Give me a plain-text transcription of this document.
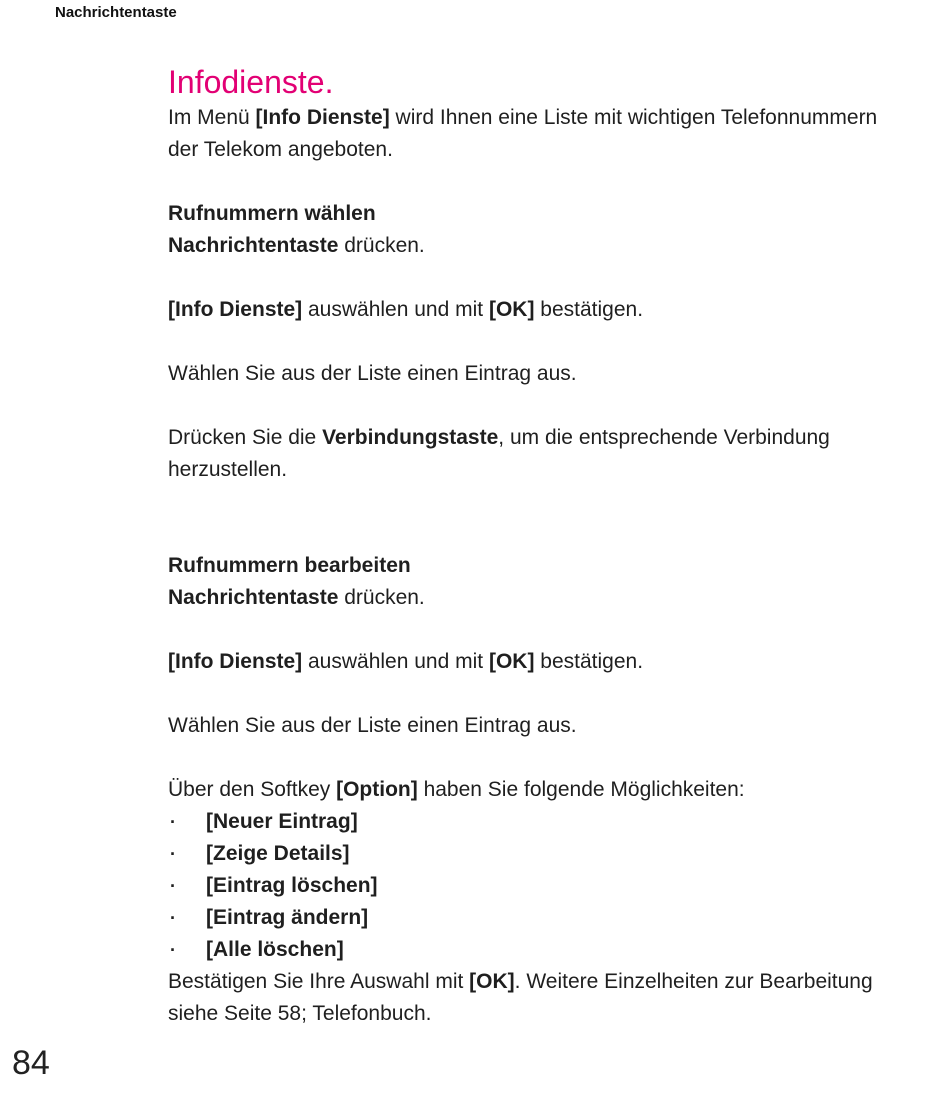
Nachrichtentaste
Infodienste.

Im Menü [Info Dienste] wird Ihnen eine Liste mit wichtigen Telefonnummern der Telekom angeboten.

Rufnummern wählen

Nachrichtentaste drücken.

[Info Dienste] auswählen und mit [OK] bestätigen.

Wählen Sie aus der Liste einen Eintrag aus.

Drücken Sie die Verbindungstaste, um die entsprechende Verbindung herzustellen.

Rufnummern bearbeiten

Nachrichtentaste drücken.

[Info Dienste] auswählen und mit [OK] bestätigen.

Wählen Sie aus der Liste einen Eintrag aus.

Über den Softkey [Option] haben Sie folgende Möglichkeiten:

· [Neuer Eintrag]
· [Zeige Details]
· [Eintrag löschen]
· [Eintrag ändern]
· [Alle löschen]

Bestätigen Sie Ihre Auswahl mit [OK]. Weitere Einzelheiten zur Bearbeitung siehe Seite 58; Telefonbuch.

84
